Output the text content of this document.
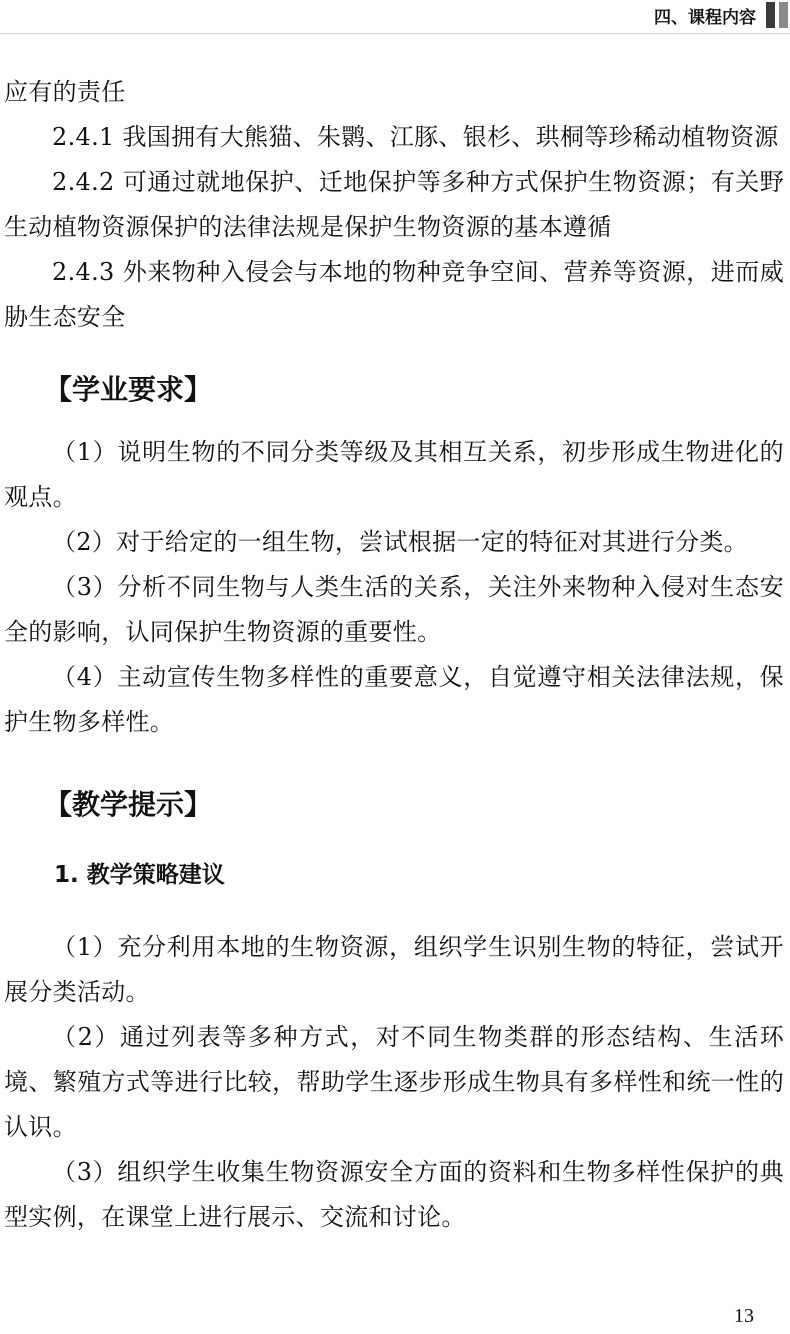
四、课程内容

应有的责任

2.4.1 我国拥有大熊猫、朱鹮、江豚、银杉、珙桐等珍稀动植物资源

2.4.2 可通过就地保护、迁地保护等多种方式保护生物资源；有关野生动植物资源保护的法律法规是保护生物资源的基本遵循

2.4.3 外来物种入侵会与本地的物种竞争空间、营养等资源，进而威胁生态安全

【学业要求】

（1）说明生物的不同分类等级及其相互关系，初步形成生物进化的观点。

（2）对于给定的一组生物，尝试根据一定的特征对其进行分类。

（3）分析不同生物与人类生活的关系，关注外来物种入侵对生态安全的影响，认同保护生物资源的重要性。

（4）主动宣传生物多样性的重要意义，自觉遵守相关法律法规，保护生物多样性。

【教学提示】

1. 教学策略建议

（1）充分利用本地的生物资源，组织学生识别生物的特征，尝试开展分类活动。

（2）通过列表等多种方式，对不同生物类群的形态结构、生活环境、繁殖方式等进行比较，帮助学生逐步形成生物具有多样性和统一性的认识。

（3）组织学生收集生物资源安全方面的资料和生物多样性保护的典型实例，在课堂上进行展示、交流和讨论。

13
